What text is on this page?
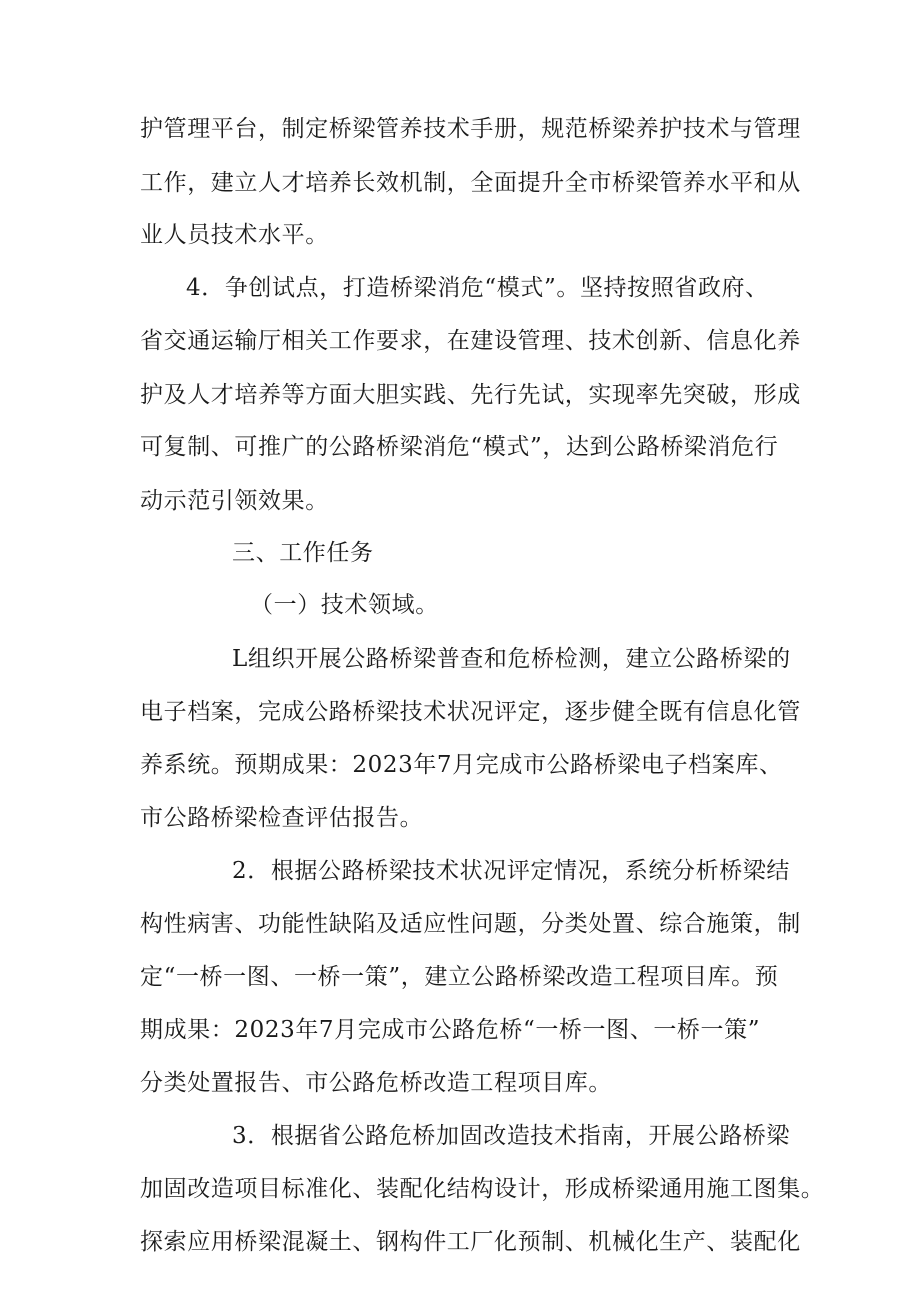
护管理平台，制定桥梁管养技术手册，规范桥梁养护技术与管理
工作，建立人才培养长效机制，全面提升全市桥梁管养水平和从
业人员技术水平。
4．争创试点，打造桥梁消危“模式”。坚持按照省政府、
省交通运输厅相关工作要求，在建设管理、技术创新、信息化养
护及人才培养等方面大胆实践、先行先试，实现率先突破，形成
可复制、可推广的公路桥梁消危“模式”，达到公路桥梁消危行
动示范引领效果。
三、工作任务
（一）技术领域。
L组织开展公路桥梁普查和危桥检测，建立公路桥梁的
电子档案，完成公路桥梁技术状况评定，逐步健全既有信息化管
养系统。预期成果：2023年7月完成市公路桥梁电子档案库、
市公路桥梁检查评估报告。
2．根据公路桥梁技术状况评定情况，系统分析桥梁结
构性病害、功能性缺陷及适应性问题，分类处置、综合施策，制
定“一桥一图、一桥一策”，建立公路桥梁改造工程项目库。预
期成果：2023年7月完成市公路危桥“一桥一图、一桥一策”
分类处置报告、市公路危桥改造工程项目库。
3．根据省公路危桥加固改造技术指南，开展公路桥梁
加固改造项目标准化、装配化结构设计，形成桥梁通用施工图集。
探索应用桥梁混凝土、钢构件工厂化预制、机械化生产、装配化
